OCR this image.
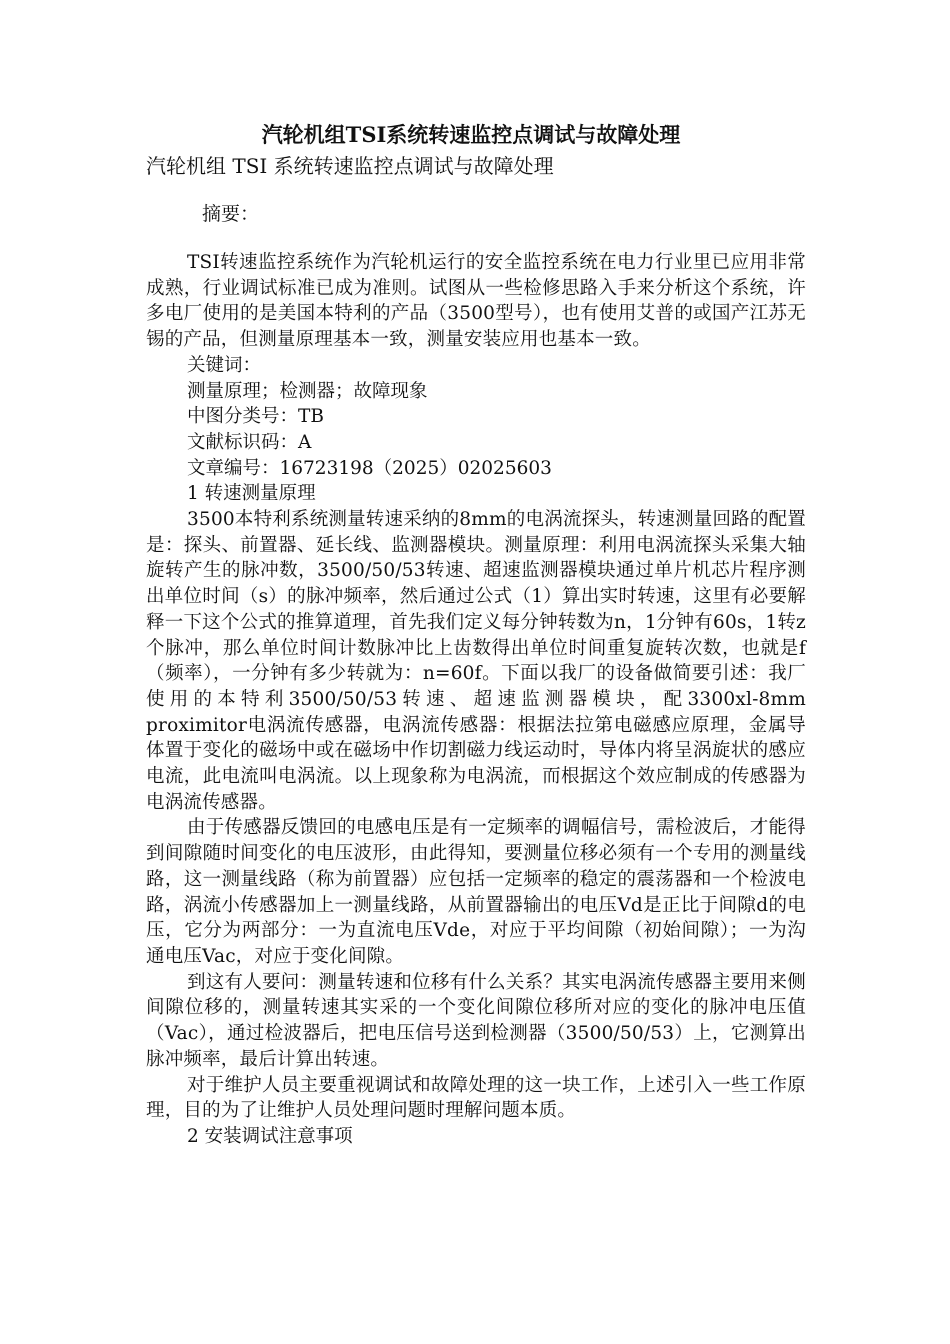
汽轮机组TSI系统转速监控点调试与故障处理

汽轮机组 TSI 系统转速监控点调试与故障处理

摘要：

TSI转速监控系统作为汽轮机运行的安全监控系统在电力行业里已应用非常成熟，行业调试标准已成为准则。试图从一些检修思路入手来分析这个系统，许多电厂使用的是美国本特利的产品（3500型号），也有使用艾普的或国产江苏无锡的产品，但测量原理基本一致，测量安装应用也基本一致。

关键词：

测量原理；检测器；故障现象

中图分类号：TB

文献标识码：A

文章编号：16723198（2025）02025603

1 转速测量原理

3500本特利系统测量转速采纳的8mm的电涡流探头，转速测量回路的配置是：探头、前置器、延长线、监测器模块。测量原理：利用电涡流探头采集大轴旋转产生的脉冲数，3500/50/53转速、超速监测器模块通过单片机芯片程序测出单位时间（s）的脉冲频率，然后通过公式（1）算出实时转速，这里有必要解释一下这个公式的推算道理，首先我们定义每分钟转数为n，1分钟有60s，1转z个脉冲，那么单位时间计数脉冲比上齿数得出单位时间重复旋转次数，也就是f（频率），一分钟有多少转就为：n=60f。下面以我厂的设备做简要引述：我厂使用的本特利3500/50/53转速、超速监测器模块，配3300xl-8mm proximitor电涡流传感器，电涡流传感器：根据法拉第电磁感应原理，金属导体置于变化的磁场中或在磁场中作切割磁力线运动时，导体内将呈涡旋状的感应电流，此电流叫电涡流。以上现象称为电涡流，而根据这个效应制成的传感器为电涡流传感器。

由于传感器反馈回的电感电压是有一定频率的调幅信号，需检波后，才能得到间隙随时间变化的电压波形，由此得知，要测量位移必须有一个专用的测量线路，这一测量线路（称为前置器）应包括一定频率的稳定的震荡器和一个检波电路，涡流小传感器加上一测量线路，从前置器输出的电压Vd是正比于间隙d的电压，它分为两部分：一为直流电压Vde，对应于平均间隙（初始间隙）；一为沟通电压Vac，对应于变化间隙。

到这有人要问：测量转速和位移有什么关系？其实电涡流传感器主要用来侧间隙位移的，测量转速其实采的一个变化间隙位移所对应的变化的脉冲电压值（Vac），通过检波器后，把电压信号送到检测器（3500/50/53）上，它测算出脉冲频率，最后计算出转速。

对于维护人员主要重视调试和故障处理的这一块工作，上述引入一些工作原理，目的为了让维护人员处理问题时理解问题本质。

2 安装调试注意事项
